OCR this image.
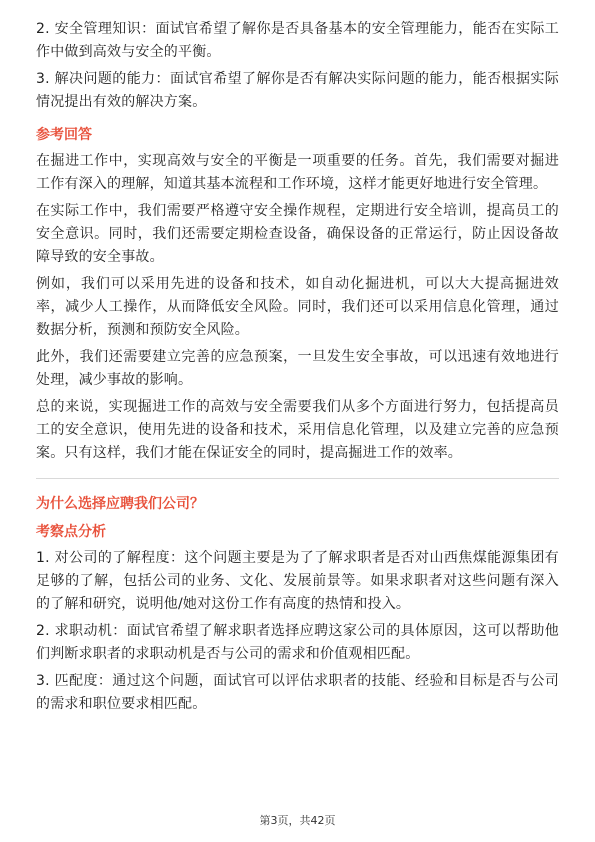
2. 安全管理知识：面试官希望了解你是否具备基本的安全管理能力，能否在实际工作中做到高效与安全的平衡。

3. 解决问题的能力：面试官希望了解你是否有解决实际问题的能力，能否根据实际情况提出有效的解决方案。

参考回答

在掘进工作中，实现高效与安全的平衡是一项重要的任务。首先，我们需要对掘进工作有深入的理解，知道其基本流程和工作环境，这样才能更好地进行安全管理。

在实际工作中，我们需要严格遵守安全操作规程，定期进行安全培训，提高员工的安全意识。同时，我们还需要定期检查设备，确保设备的正常运行，防止因设备故障导致的安全事故。

例如，我们可以采用先进的设备和技术，如自动化掘进机，可以大大提高掘进效率，减少人工操作，从而降低安全风险。同时，我们还可以采用信息化管理，通过数据分析，预测和预防安全风险。

此外，我们还需要建立完善的应急预案，一旦发生安全事故，可以迅速有效地进行处理，减少事故的影响。

总的来说，实现掘进工作的高效与安全需要我们从多个方面进行努力，包括提高员工的安全意识，使用先进的设备和技术，采用信息化管理，以及建立完善的应急预案。只有这样，我们才能在保证安全的同时，提高掘进工作的效率。

为什么选择应聘我们公司？
考察点分析

1. 对公司的了解程度：这个问题主要是为了了解求职者是否对山西焦煤能源集团有足够的了解，包括公司的业务、文化、发展前景等。如果求职者对这些问题有深入的了解和研究，说明他/她对这份工作有高度的热情和投入。

2. 求职动机：面试官希望了解求职者选择应聘这家公司的具体原因，这可以帮助他们判断求职者的求职动机是否与公司的需求和价值观相匹配。

3. 匹配度：通过这个问题，面试官可以评估求职者的技能、经验和目标是否与公司的需求和职位要求相匹配。

第3页，共42页
